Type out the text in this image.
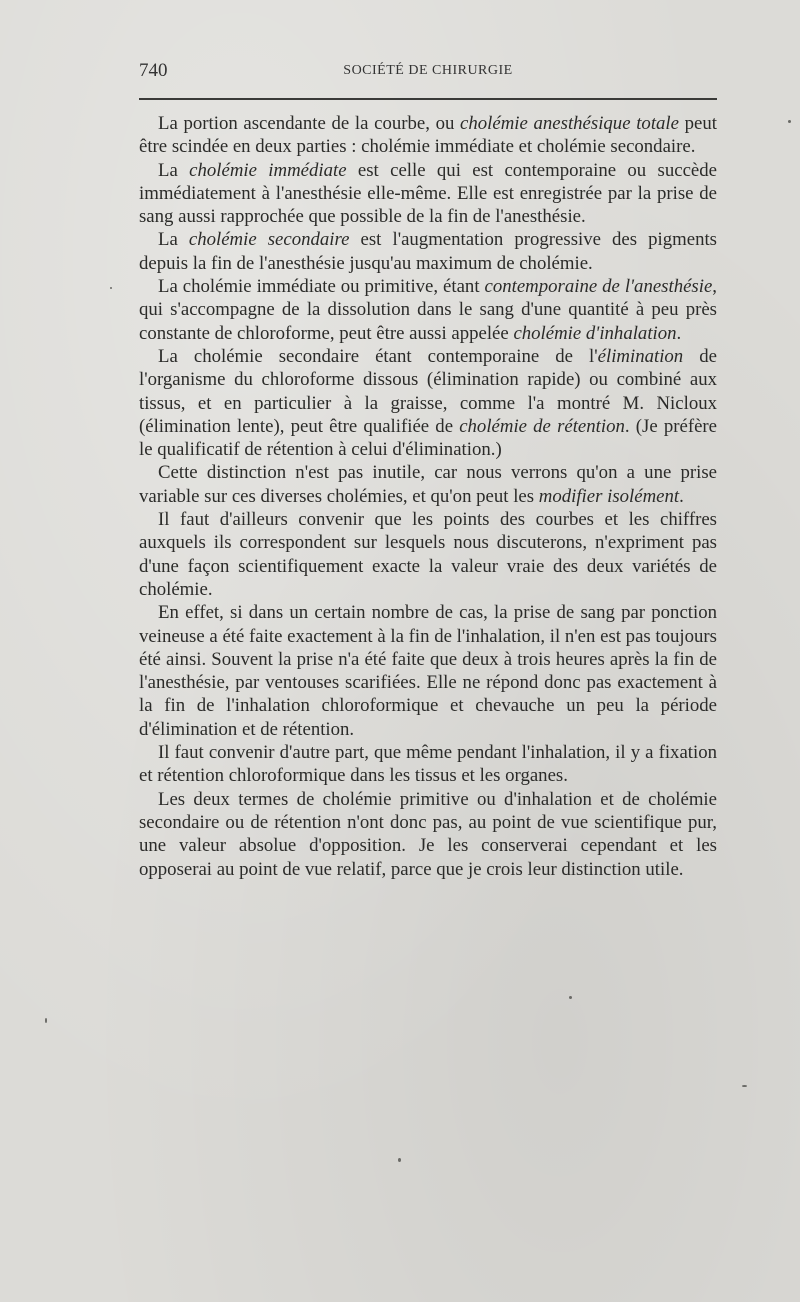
740	SOCIÉTÉ DE CHIRURGIE

La portion ascendante de la courbe, ou cholémie anesthésique totale peut être scindée en deux parties : cholémie immédiate et cholémie secondaire.

La cholémie immédiate est celle qui est contemporaine ou succède immédiatement à l'anesthésie elle-même. Elle est enregistrée par la prise de sang aussi rapprochée que possible de la fin de l'anesthésie.

La cholémie secondaire est l'augmentation progressive des pigments depuis la fin de l'anesthésie jusqu'au maximum de cholémie.

La cholémie immédiate ou primitive, étant contemporaine de l'anesthésie, qui s'accompagne de la dissolution dans le sang d'une quantité à peu près constante de chloroforme, peut être aussi appelée cholémie d'inhalation.

La cholémie secondaire étant contemporaine de l'élimination de l'organisme du chloroforme dissous (élimination rapide) ou combiné aux tissus, et en particulier à la graisse, comme l'a montré M. Nicloux (élimination lente), peut être qualifiée de cholémie de rétention. (Je préfère le qualificatif de rétention à celui d'élimination.)

Cette distinction n'est pas inutile, car nous verrons qu'on a une prise variable sur ces diverses cholémies, et qu'on peut les modifier isolément.

Il faut d'ailleurs convenir que les points des courbes et les chiffres auxquels ils correspondent sur lesquels nous discuterons, n'expriment pas d'une façon scientifiquement exacte la valeur vraie des deux variétés de cholémie.

En effet, si dans un certain nombre de cas, la prise de sang par ponction veineuse a été faite exactement à la fin de l'inhalation, il n'en est pas toujours été ainsi. Souvent la prise n'a été faite que deux à trois heures après la fin de l'anesthésie, par ventouses scarifiées. Elle ne répond donc pas exactement à la fin de l'inhalation chloroformique et chevauche un peu la période d'élimination et de rétention.

Il faut convenir d'autre part, que même pendant l'inhalation, il y a fixation et rétention chloroformique dans les tissus et les organes.

Les deux termes de cholémie primitive ou d'inhalation et de cholémie secondaire ou de rétention n'ont donc pas, au point de vue scientifique pur, une valeur absolue d'opposition. Je les conserverai cependant et les opposerai au point de vue relatif, parce que je crois leur distinction utile.
